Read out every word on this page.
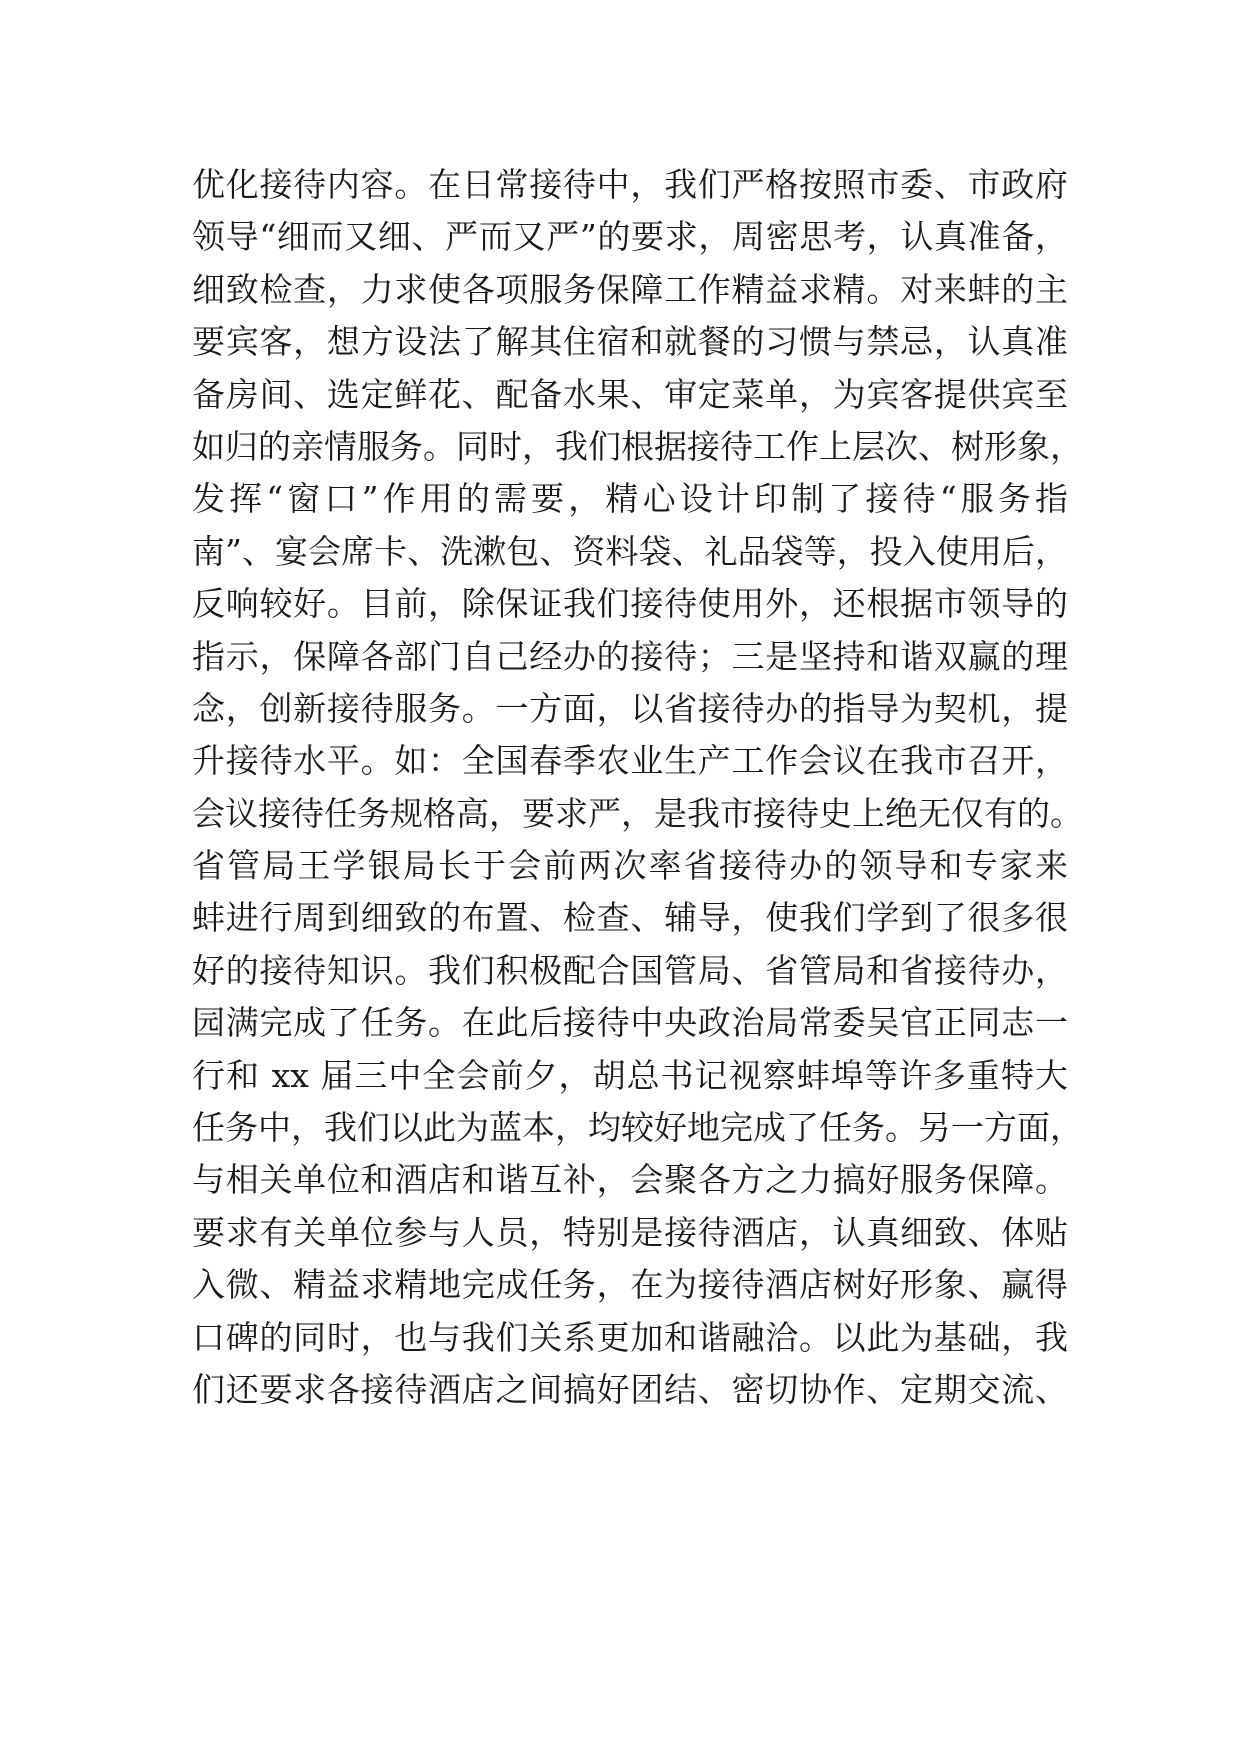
优化接待内容。在日常接待中，我们严格按照市委、市政府
领导“细而又细、严而又严”的要求，周密思考，认真准备，
细致检查，力求使各项服务保障工作精益求精。对来蚌的主
要宾客，想方设法了解其住宿和就餐的习惯与禁忌，认真准
备房间、选定鲜花、配备水果、审定菜单，为宾客提供宾至
如归的亲情服务。同时，我们根据接待工作上层次、树形象，
发挥“窗口”作用的需要，精心设计印制了接待“服务指
南”、宴会席卡、洗漱包、资料袋、礼品袋等，投入使用后，
反响较好。目前，除保证我们接待使用外，还根据市领导的
指示，保障各部门自己经办的接待；三是坚持和谐双赢的理
念，创新接待服务。一方面，以省接待办的指导为契机，提
升接待水平。如：全国春季农业生产工作会议在我市召开，
会议接待任务规格高，要求严，是我市接待史上绝无仅有的。
省管局王学银局长于会前两次率省接待办的领导和专家来
蚌进行周到细致的布置、检查、辅导，使我们学到了很多很
好的接待知识。我们积极配合国管局、省管局和省接待办，
园满完成了任务。在此后接待中央政治局常委吴官正同志一
行和 xx 届三中全会前夕，胡总书记视察蚌埠等许多重特大
任务中，我们以此为蓝本，均较好地完成了任务。另一方面，
与相关单位和酒店和谐互补，会聚各方之力搞好服务保障。
要求有关单位参与人员，特别是接待酒店，认真细致、体贴
入微、精益求精地完成任务，在为接待酒店树好形象、赢得
口碑的同时，也与我们关系更加和谐融洽。以此为基础，我
们还要求各接待酒店之间搞好团结、密切协作、定期交流、
